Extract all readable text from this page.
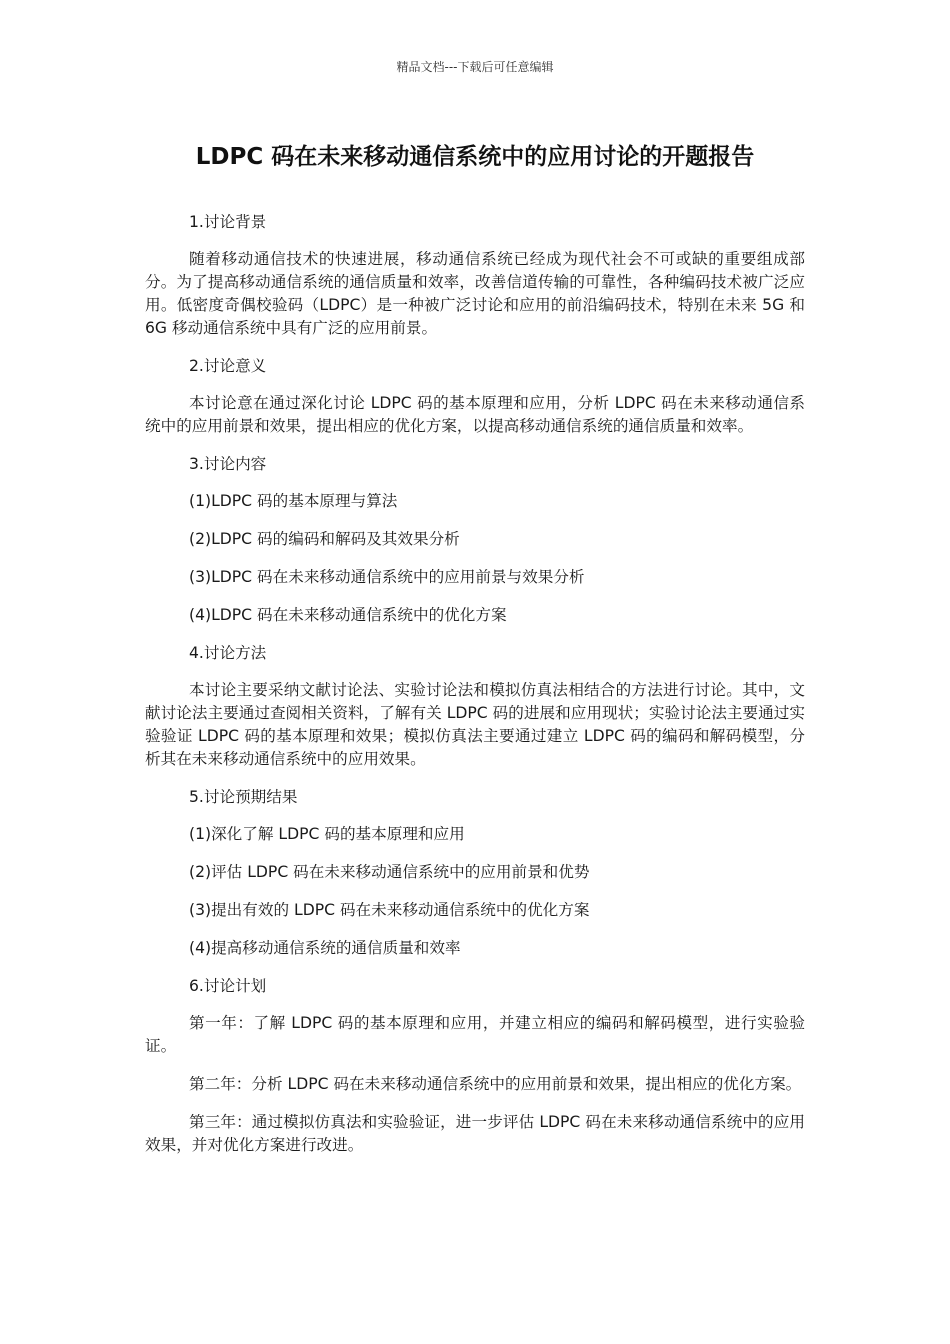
精品文档---下载后可任意编辑
LDPC 码在未来移动通信系统中的应用讨论的开题报告
1.讨论背景
随着移动通信技术的快速进展，移动通信系统已经成为现代社会不可或缺的重要组成部分。为了提高移动通信系统的通信质量和效率，改善信道传输的可靠性，各种编码技术被广泛应用。低密度奇偶校验码（LDPC）是一种被广泛讨论和应用的前沿编码技术，特别在未来 5G 和 6G 移动通信系统中具有广泛的应用前景。
2.讨论意义
本讨论意在通过深化讨论 LDPC 码的基本原理和应用，分析 LDPC 码在未来移动通信系统中的应用前景和效果，提出相应的优化方案，以提高移动通信系统的通信质量和效率。
3.讨论内容
(1)LDPC 码的基本原理与算法
(2)LDPC 码的编码和解码及其效果分析
(3)LDPC 码在未来移动通信系统中的应用前景与效果分析
(4)LDPC 码在未来移动通信系统中的优化方案
4.讨论方法
本讨论主要采纳文献讨论法、实验讨论法和模拟仿真法相结合的方法进行讨论。其中，文献讨论法主要通过查阅相关资料，了解有关 LDPC 码的进展和应用现状；实验讨论法主要通过实验验证 LDPC 码的基本原理和效果；模拟仿真法主要通过建立 LDPC 码的编码和解码模型，分析其在未来移动通信系统中的应用效果。
5.讨论预期结果
(1)深化了解 LDPC 码的基本原理和应用
(2)评估 LDPC 码在未来移动通信系统中的应用前景和优势
(3)提出有效的 LDPC 码在未来移动通信系统中的优化方案
(4)提高移动通信系统的通信质量和效率
6.讨论计划
第一年：了解 LDPC 码的基本原理和应用，并建立相应的编码和解码模型，进行实验验证。
第二年：分析 LDPC 码在未来移动通信系统中的应用前景和效果，提出相应的优化方案。
第三年：通过模拟仿真法和实验验证，进一步评估 LDPC 码在未来移动通信系统中的应用效果，并对优化方案进行改进。
